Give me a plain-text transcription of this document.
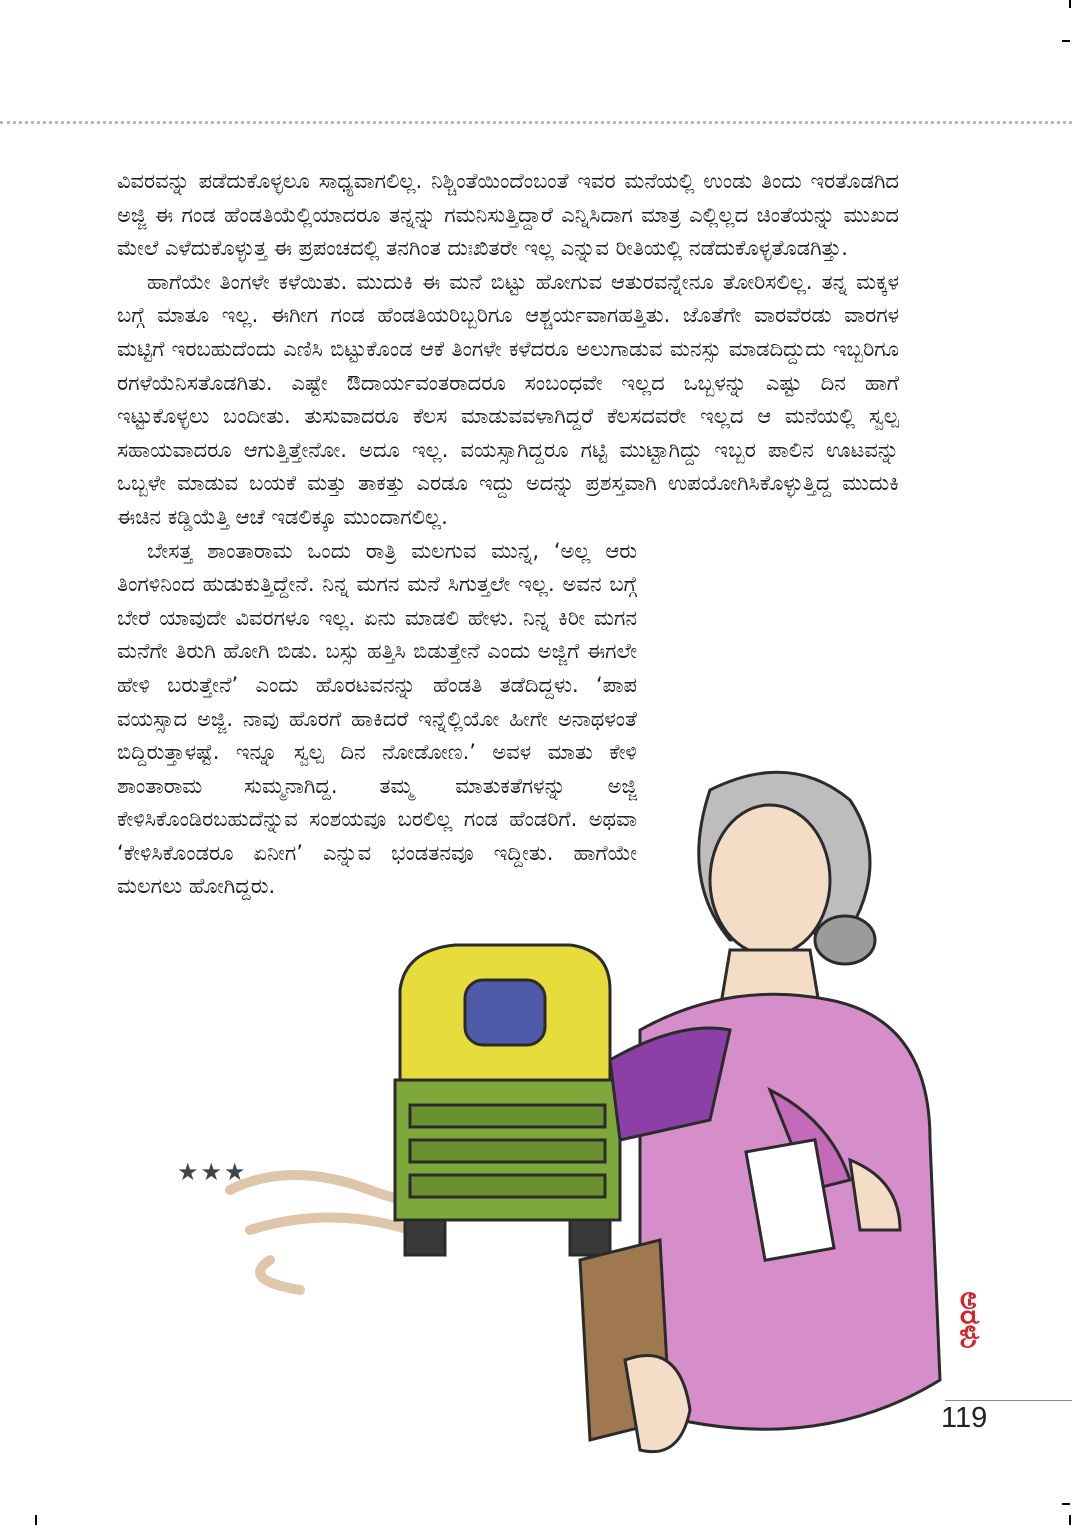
ವಿವರವನ್ನು ಪಡೆದುಕೊಳ್ಳಲೂ ಸಾಧ್ಯವಾಗಲಿಲ್ಲ. ನಿಶ್ಚಿಂತೆಯಿಂದೆಂಬಂತೆ ಇವರ ಮನೆಯಲ್ಲಿ ಉಂಡು ತಿಂದು ಇರತೊಡಗಿದ ಅಜ್ಜಿ ಈ ಗಂಡ ಹೆಂಡತಿಯೆಲ್ಲಿಯಾದರೂ ತನ್ನನ್ನು ಗಮನಿಸುತ್ತಿದ್ದಾರೆ ಎನ್ನಿಸಿದಾಗ ಮಾತ್ರ ಎಲ್ಲಿಲ್ಲದ ಚಿಂತೆಯನ್ನು ಮುಖದ ಮೇಲೆ ಎಳೆದುಕೊಳ್ಳುತ್ತ ಈ ಪ್ರಪಂಚದಲ್ಲಿ ತನಗಿಂತ ದುಃಖಿತರೇ ಇಲ್ಲ ಎನ್ನುವ ರೀತಿಯಲ್ಲಿ ನಡೆದುಕೊಳ್ಳತೊಡಗಿತ್ತು.

ಹಾಗೆಯೇ ತಿಂಗಳೇ ಕಳೆಯಿತು. ಮುದುಕಿ ಈ ಮನೆ ಬಿಟ್ಟು ಹೋಗುವ ಆತುರವನ್ನೇನೂ ತೋರಿಸಲಿಲ್ಲ. ತನ್ನ ಮಕ್ಕಳ ಬಗ್ಗೆ ಮಾತೂ ಇಲ್ಲ. ಈಗೀಗ ಗಂಡ ಹೆಂಡತಿಯರಿಬ್ಬರಿಗೂ ಆಶ್ಚರ್ಯವಾಗಹತ್ತಿತು. ಜೊತೆಗೇ ವಾರವೆರಡು ವಾರಗಳ ಮಟ್ಟಿಗೆ ಇರಬಹುದೆಂದು ಎಣಿಸಿ ಬಿಟ್ಟುಕೊಂಡ ಆಕೆ ತಿಂಗಳೇ ಕಳೆದರೂ ಅಲುಗಾಡುವ ಮನಸ್ಸು ಮಾಡದಿದ್ದುದು ಇಬ್ಬರಿಗೂ ರಗಳೆಯೆನಿಸತೊಡಗಿತು. ಎಷ್ಟೇ ಔದಾರ್ಯವಂತರಾದರೂ ಸಂಬಂಧವೇ ಇಲ್ಲದ ಒಬ್ಬಳನ್ನು ಎಷ್ಟು ದಿನ ಹಾಗೆ ಇಟ್ಟುಕೊಳ್ಳಲು ಬಂದೀತು. ತುಸುವಾದರೂ ಕೆಲಸ ಮಾಡುವವಳಾಗಿದ್ದರೆ ಕೆಲಸದವರೇ ಇಲ್ಲದ ಆ ಮನೆಯಲ್ಲಿ ಸ್ವಲ್ಪ ಸಹಾಯವಾದರೂ ಆಗುತ್ತಿತ್ತೇನೋ. ಅದೂ ಇಲ್ಲ. ವಯಸ್ಸಾಗಿದ್ದರೂ ಗಟ್ಟಿ ಮುಟ್ಟಾಗಿದ್ದು ಇಬ್ಬರ ಪಾಲಿನ ಊಟವನ್ನು ಒಬ್ಬಳೇ ಮಾಡುವ ಬಯಕೆ ಮತ್ತು ತಾಕತ್ತು ಎರಡೂ ಇದ್ದು ಅದನ್ನು ಪ್ರಶಸ್ತವಾಗಿ ಉಪಯೋಗಿಸಿಕೊಳ್ಳುತ್ತಿದ್ದ ಮುದುಕಿ ಈಚಿನ ಕಡ್ಡಿಯೆತ್ತಿ ಆಚೆ ಇಡಲಿಕ್ಕೂ ಮುಂದಾಗಲಿಲ್ಲ.

ಬೇಸತ್ತ ಶಾಂತಾರಾಮ ಒಂದು ರಾತ್ರಿ ಮಲಗುವ ಮುನ್ನ, ‘ಅಲ್ಲ ಆರು ತಿಂಗಳಿನಿಂದ ಹುಡುಕುತ್ತಿದ್ದೇನೆ. ನಿನ್ನ ಮಗನ ಮನೆ ಸಿಗುತ್ತಲೇ ಇಲ್ಲ. ಅವನ ಬಗ್ಗೆ ಬೇರೆ ಯಾವುದೇ ವಿವರಗಳೂ ಇಲ್ಲ. ಏನು ಮಾಡಲಿ ಹೇಳು. ನಿನ್ನ ಕಿರೀ ಮಗನ ಮನೆಗೇ ತಿರುಗಿ ಹೋಗಿ ಬಿಡು. ಬಸ್ಸು ಹತ್ತಿಸಿ ಬಿಡುತ್ತೇನೆ ಎಂದು ಅಜ್ಜಿಗೆ ಈಗಲೇ ಹೇಳಿ ಬರುತ್ತೇನೆ’ ಎಂದು ಹೊರಟವನನ್ನು ಹೆಂಡತಿ ತಡೆದಿದ್ದಳು. ‘ಪಾಪ ವಯಸ್ಸಾದ ಅಜ್ಜಿ. ನಾವು ಹೊರಗೆ ಹಾಕಿದರೆ ಇನ್ನೆಲ್ಲಿಯೋ ಹೀಗೇ ಅನಾಥಳಂತೆ ಬಿದ್ದಿರುತ್ತಾಳಷ್ಟೆ. ಇನ್ನೂ ಸ್ವಲ್ಪ ದಿನ ನೋಡೋಣ.’ ಅವಳ ಮಾತು ಕೇಳಿ ಶಾಂತಾರಾಮ ಸುಮ್ಮನಾಗಿದ್ದ. ತಮ್ಮ ಮಾತುಕತೆಗಳನ್ನು ಅಜ್ಜಿ ಕೇಳಿಸಿಕೊಂಡಿರಬಹುದೆನ್ನುವ ಸಂಶಯವೂ ಬರಲಿಲ್ಲ ಗಂಡ ಹೆಂಡರಿಗೆ. ಅಥವಾ ‘ಕೇಳಿಸಿಕೊಂಡರೂ ಏನೀಗ’ ಎನ್ನುವ ಭಂಡತನವೂ ಇದ್ದೀತು. ಹಾಗೆಯೇ ಮಲಗಲು ಹೋಗಿದ್ದರು.

★★★
119
ಅರಳು
